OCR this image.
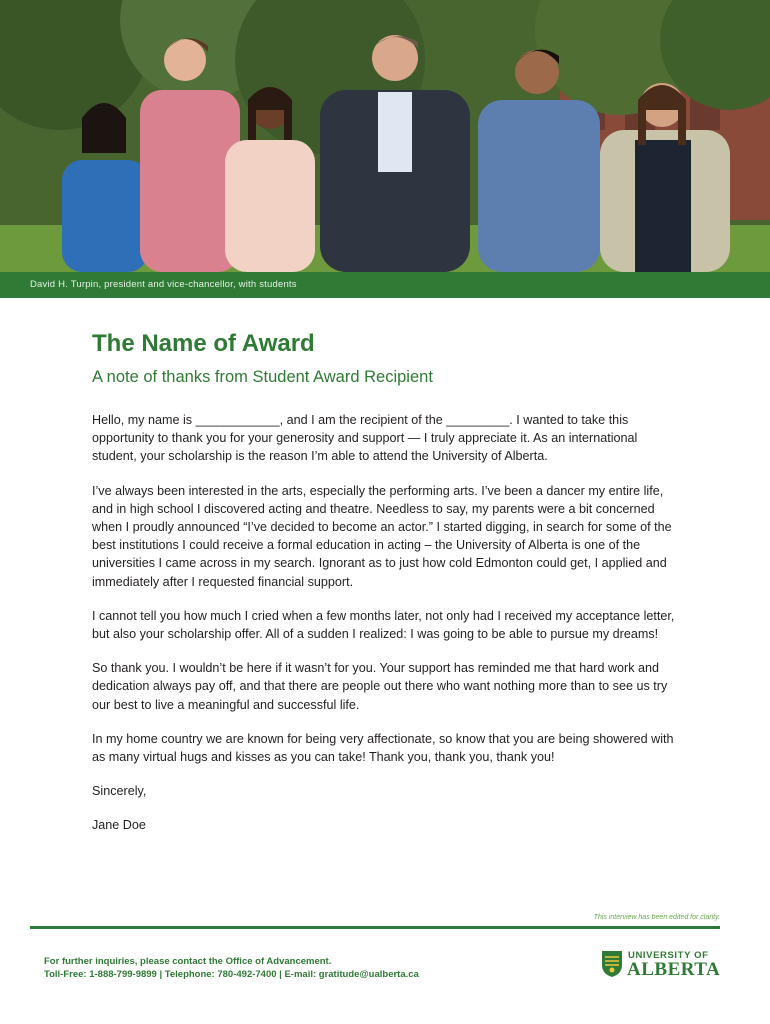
David H. Turpin, president and vice-chancellor, with students
The Name of Award
A note of thanks from Student Award Recipient

Hello, my name is ____________, and I am the recipient of the _________. I wanted to take this opportunity to thank you for your generosity and support — I truly appreciate it. As an international student, your scholarship is the reason I’m able to attend the University of Alberta.

I’ve always been interested in the arts, especially the performing arts. I’ve been a dancer my entire life, and in high school I discovered acting and theatre. Needless to say, my parents were a bit concerned when I proudly announced “I’ve decided to become an actor.” I started digging, in search for some of the best institutions I could receive a formal education in acting – the University of Alberta is one of the universities I came across in my search. Ignorant as to just how cold Edmonton could get, I applied and immediately after I requested financial support.

I cannot tell you how much I cried when a few months later, not only had I received my acceptance letter, but also your scholarship offer. All of a sudden I realized: I was going to be able to pursue my dreams!

So thank you. I wouldn’t be here if it wasn’t for you. Your support has reminded me that hard work and dedication always pay off, and that there are people out there who want nothing more than to see us try our best to live a meaningful and successful life.

In my home country we are known for being very affectionate, so know that you are being showered with as many virtual hugs and kisses as you can take! Thank you, thank you, thank you!

Sincerely,

Jane Doe

This interview has been edited for clarity.
For further inquiries, please contact the Office of Advancement.
Toll-Free: 1-888-799-9899 | Telephone: 780-492-7400 | E-mail: gratitude@ualberta.ca
UNIVERSITY OF
ALBERTA
